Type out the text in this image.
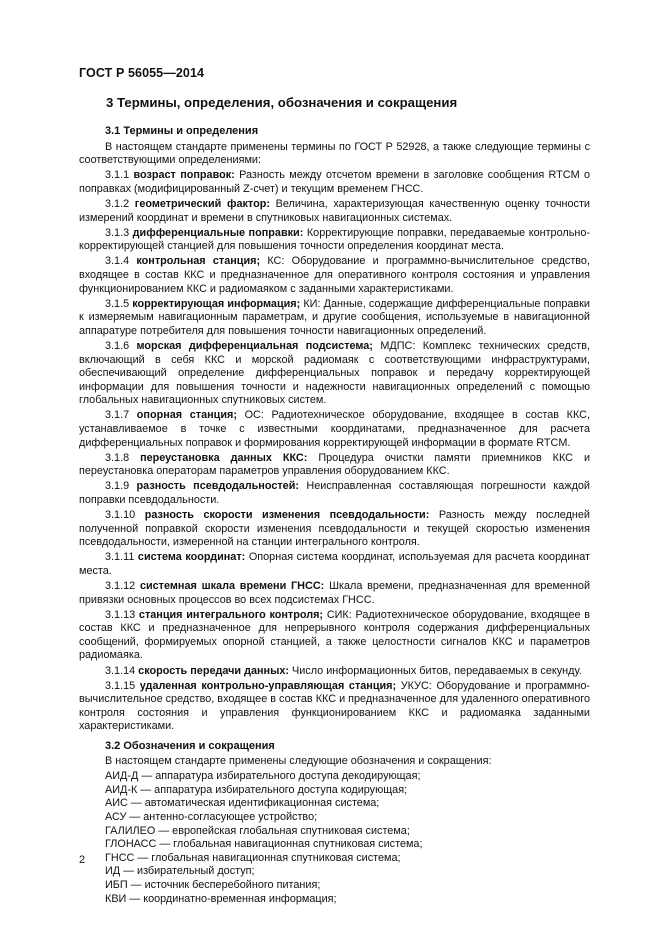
ГОСТ Р 56055—2014
3 Термины, определения, обозначения и сокращения
3.1 Термины и определения
В настоящем стандарте применены термины по ГОСТ Р 52928, а также следующие термины с соответствующими определениями:
3.1.1 возраст поправок: Разность между отсчетом времени в заголовке сообщения RTCM о поправках (модифицированный Z-счет) и текущим временем ГНСС.
3.1.2 геометрический фактор: Величина, характеризующая качественную оценку точности измерений координат и времени в спутниковых навигационных системах.
3.1.3 дифференциальные поправки: Корректирующие поправки, передаваемые контрольно-корректирующей станцией для повышения точности определения координат места.
3.1.4 контрольная станция; КС: Оборудование и программно-вычислительное средство, входящее в состав ККС и предназначенное для оперативного контроля состояния и управления функционированием ККС и радиомаяком с заданными характеристиками.
3.1.5 корректирующая информация; КИ: Данные, содержащие дифференциальные поправки к измеряемым навигационным параметрам, и другие сообщения, используемые в навигационной аппаратуре потребителя для повышения точности навигационных определений.
3.1.6 морская дифференциальная подсистема; МДПС: Комплекс технических средств, включающий в себя ККС и морской радиомаяк с соответствующими инфраструктурами, обеспечивающий определение дифференциальных поправок и передачу корректирующей информации для повышения точности и надежности навигационных определений с помощью глобальных навигационных спутниковых систем.
3.1.7 опорная станция; ОС: Радиотехническое оборудование, входящее в состав ККС, устанавливаемое в точке с известными координатами, предназначенное для расчета дифференциальных поправок и формирования корректирующей информации в формате RTCM.
3.1.8 переустановка данных ККС: Процедура очистки памяти приемников ККС и переустановка операторам параметров управления оборудованием ККС.
3.1.9 разность псевдодальностей: Неисправленная составляющая погрешности каждой поправки псевдодальности.
3.1.10 разность скорости изменения псевдодальности: Разность между последней полученной поправкой скорости изменения псевдодальности и текущей скоростью изменения псевдодальности, измеренной на станции интегрального контроля.
3.1.11 система координат: Опорная система координат, используемая для расчета координат места.
3.1.12 системная шкала времени ГНСС: Шкала времени, предназначенная для временной привязки основных процессов во всех подсистемах ГНСС.
3.1.13 станция интегрального контроля; СИК: Радиотехническое оборудование, входящее в состав ККС и предназначенное для непрерывного контроля содержания дифференциальных сообщений, формируемых опорной станцией, а также целостности сигналов ККС и параметров радиомаяка.
3.1.14 скорость передачи данных: Число информационных битов, передаваемых в секунду.
3.1.15 удаленная контрольно-управляющая станция; УКУС: Оборудование и программно-вычислительное средство, входящее в состав ККС и предназначенное для удаленного оперативного контроля состояния и управления функционированием ККС и радиомаяка заданными характеристиками.
3.2 Обозначения и сокращения
В настоящем стандарте применены следующие обозначения и сокращения:
АИД-Д — аппаратура избирательного доступа декодирующая;
АИД-К — аппаратура избирательного доступа кодирующая;
АИС — автоматическая идентификационная система;
АСУ — антенно-согласующее устройство;
ГАЛИЛЕО — европейская глобальная спутниковая система;
ГЛОНАСС — глобальная навигационная спутниковая система;
ГНСС — глобальная навигационная спутниковая система;
ИД — избирательный доступ;
ИБП — источник бесперебойного питания;
КВИ — координатно-временная информация;
2
